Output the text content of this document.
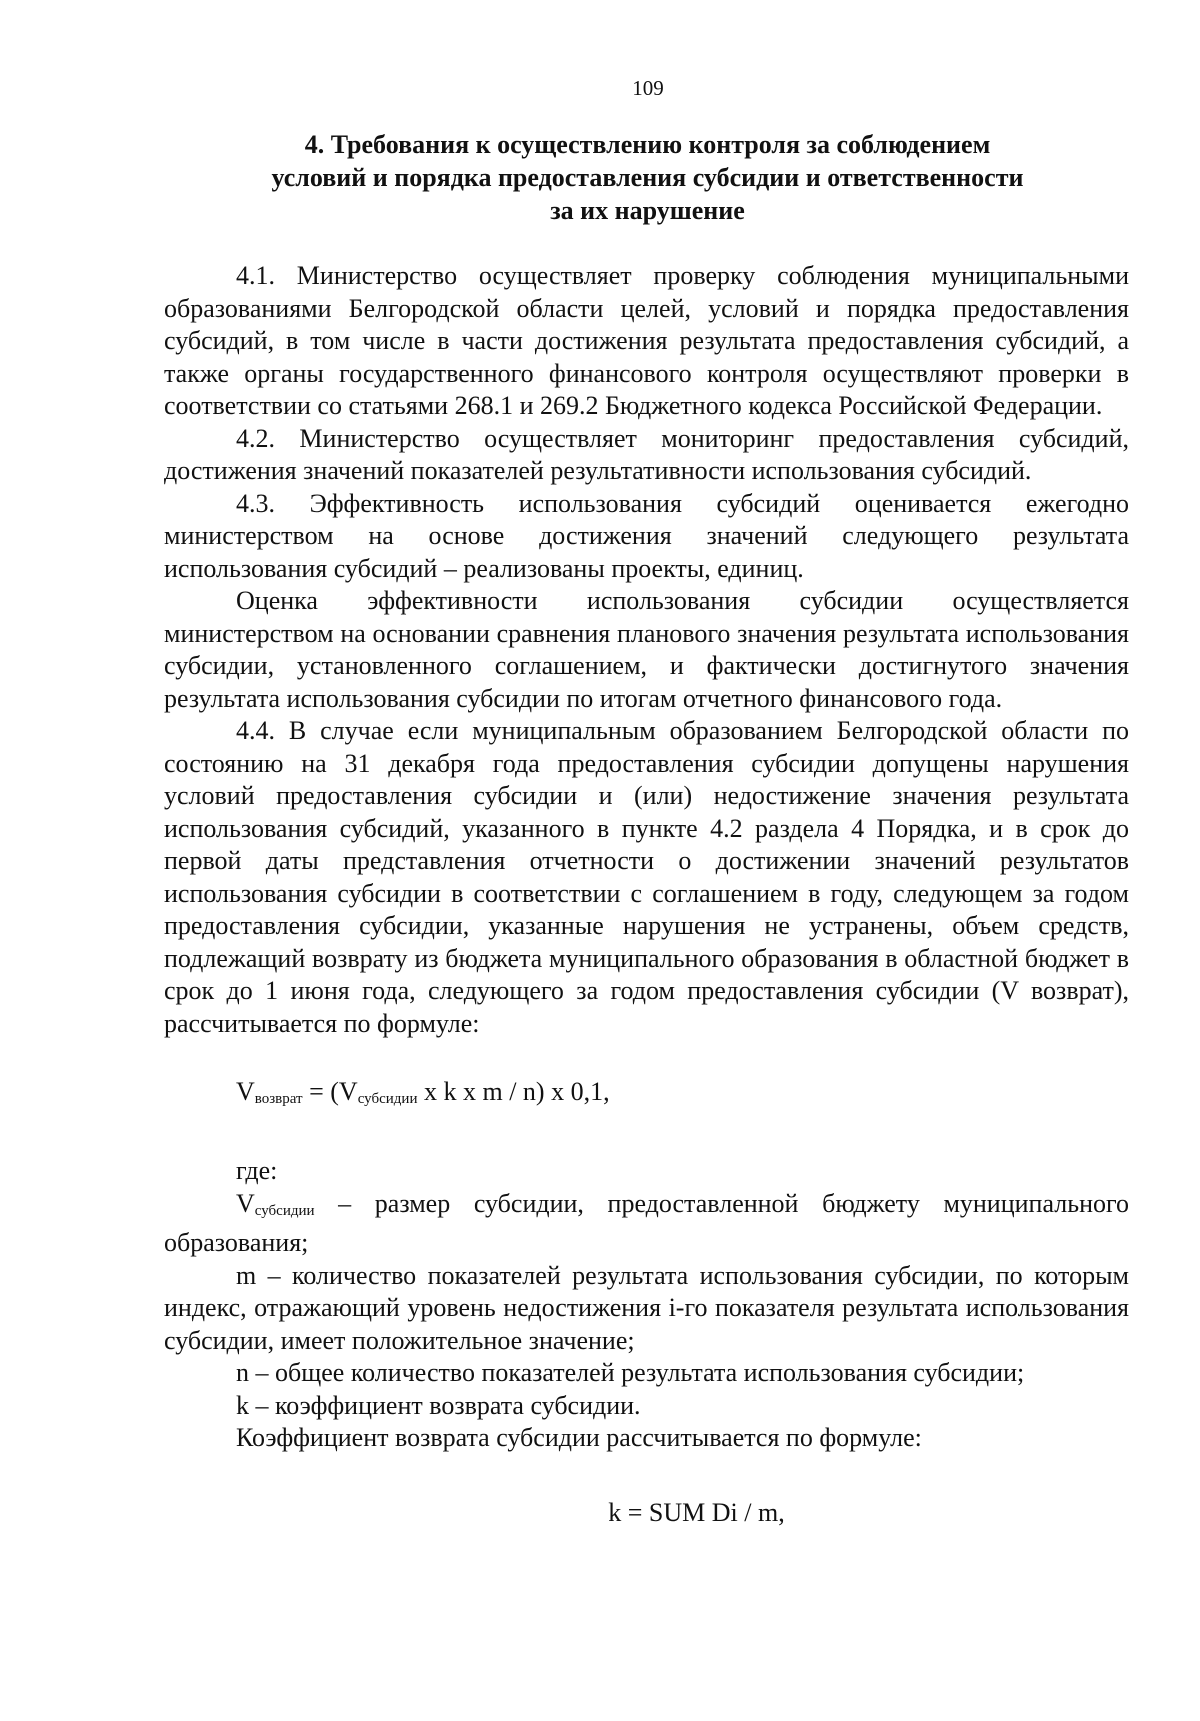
109
4. Требования к осуществлению контроля за соблюдением
условий и порядка предоставления субсидии и ответственности
за их нарушение

4.1. Министерство осуществляет проверку соблюдения муниципальными образованиями Белгородской области целей, условий и порядка предоставления субсидий, в том числе в части достижения результата предоставления субсидий, а также органы государственного финансового контроля осуществляют проверки в соответствии со статьями 268.1 и 269.2 Бюджетного кодекса Российской Федерации.

4.2. Министерство осуществляет мониторинг предоставления субсидий, достижения значений показателей результативности использования субсидий.

4.3. Эффективность использования субсидий оценивается ежегодно министерством на основе достижения значений следующего результата использования субсидий – реализованы проекты, единиц.

Оценка эффективности использования субсидии осуществляется министерством на основании сравнения планового значения результата использования субсидии, установленного соглашением, и фактически достигнутого значения результата использования субсидии по итогам отчетного финансового года.

4.4. В случае если муниципальным образованием Белгородской области по состоянию на 31 декабря года предоставления субсидии допущены нарушения условий предоставления субсидии и (или) недостижение значения результата использования субсидий, указанного в пункте 4.2 раздела 4 Порядка, и в срок до первой даты представления отчетности о достижении значений результатов использования субсидии в соответствии с соглашением в году, следующем за годом предоставления субсидии, указанные нарушения не устранены, объем средств, подлежащий возврату из бюджета муниципального образования в областной бюджет в срок до 1 июня года, следующего за годом предоставления субсидии (V возврат), рассчитывается по формуле:

$V_{возврат} = (V_{субсидии}$ x k x m / n) x 0,1,

где:

$V_{субсидии}$ – размер субсидии, предоставленной бюджету муниципального образования;

m – количество показателей результата использования субсидии, по которым индекс, отражающий уровень недостижения i-го показателя результата использования субсидии, имеет положительное значение;

n – общее количество показателей результата использования субсидии;

k – коэффициент возврата субсидии.

Коэффициент возврата субсидии рассчитывается по формуле:

k = SUM Di / m,
